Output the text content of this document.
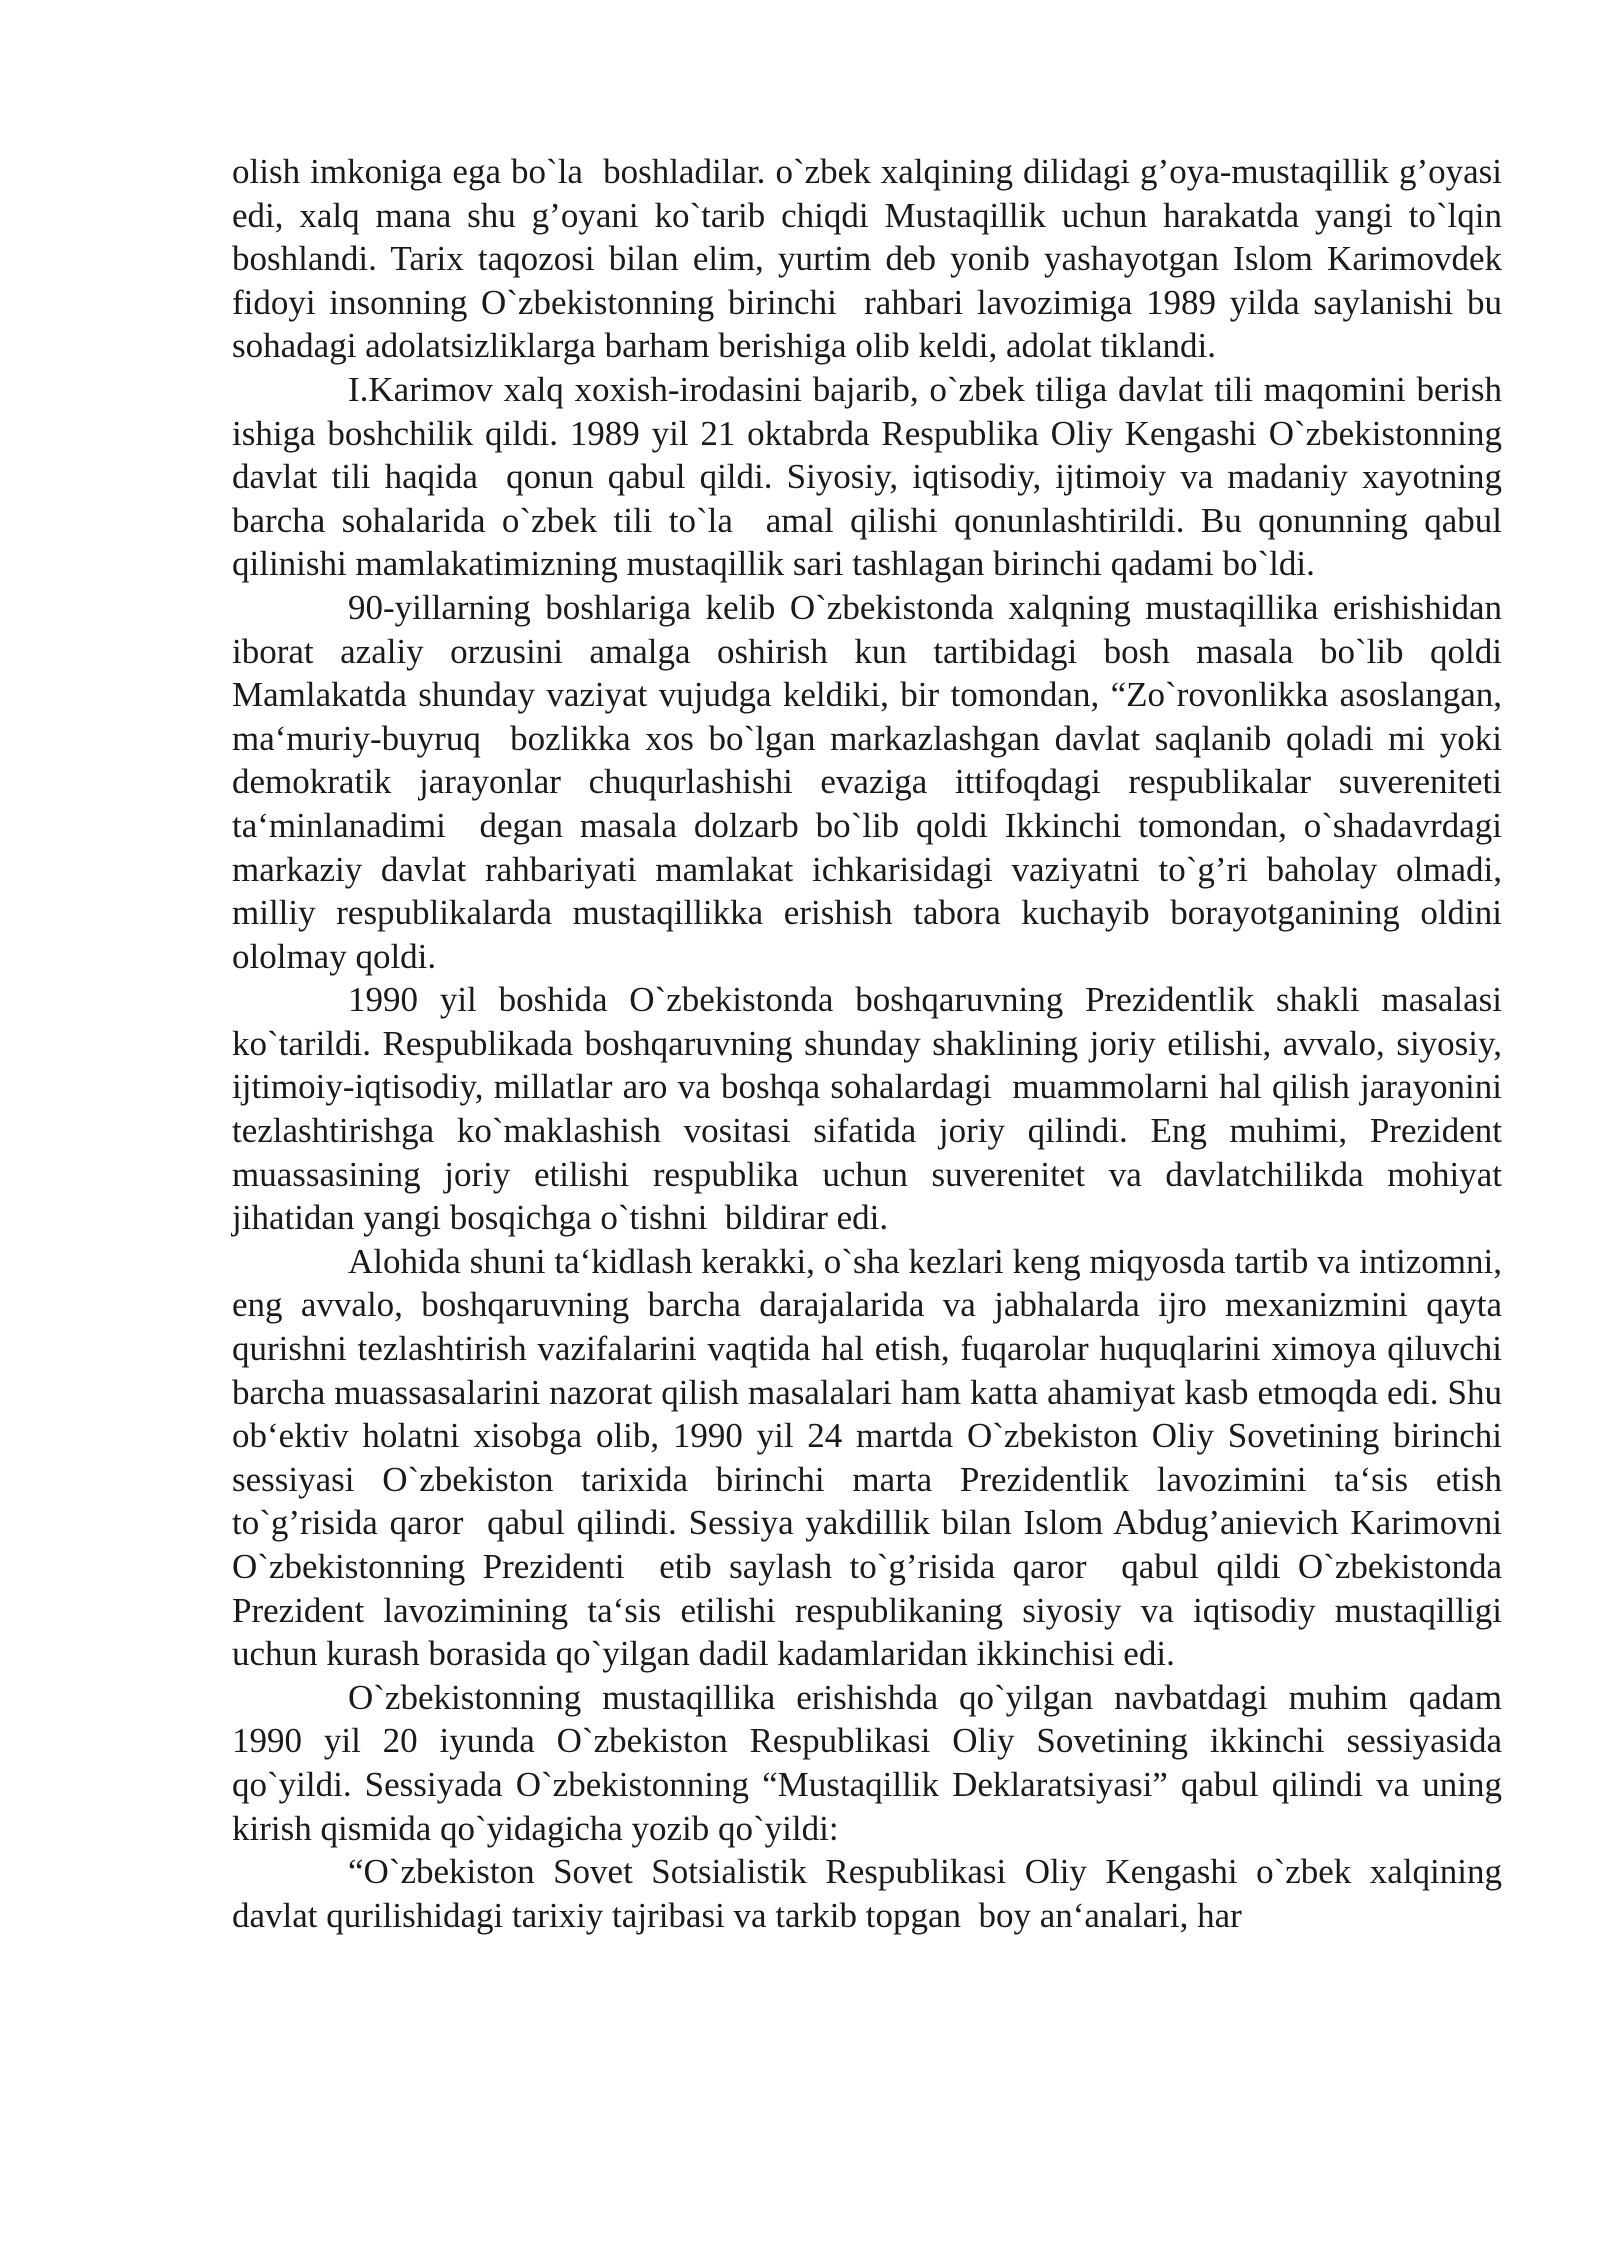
olish imkoniga ega bo`la  boshladilar. o`zbek xalqining dilidagi g’oya-mustaqillik g’oyasi edi, xalq mana shu g’oyani ko`tarib chiqdi Mustaqillik uchun harakatda yangi to`lqin boshlandi. Tarix taqozosi bilan elim, yurtim deb yonib yashayotgan Islom Karimovdek fidoyi insonning O`zbekistonning birinchi  rahbari lavozimiga 1989 yilda saylanishi bu sohadagi adolatsizliklarga barham berishiga olib keldi, adolat tiklandi.

I.Karimov xalq xoxish-irodasini bajarib, o`zbek tiliga davlat tili maqomini berish ishiga boshchilik qildi. 1989 yil 21 oktabrda Respublika Oliy Kengashi O`zbekistonning davlat tili haqida  qonun qabul qildi. Siyosiy, iqtisodiy, ijtimoiy va madaniy xayotning barcha sohalarida o`zbek tili to`la  amal qilishi qonunlashtirildi. Bu qonunning qabul qilinishi mamlakatimizning mustaqillik sari tashlagan birinchi qadami bo`ldi.

90-yillarning boshlariga kelib O`zbekistonda xalqning mustaqillika erishishidan  iborat azaliy orzusini amalga oshirish kun tartibidagi bosh masala bo`lib qoldi Mamlakatda shunday vaziyat vujudga keldiki, bir tomondan, “Zo`rovonlikka asoslangan, ma‘muriy-buyruq  bozlikka xos bo`lgan markazlashgan davlat saqlanib qoladi mi yoki demokratik jarayonlar chuqurlashishi evaziga ittifoqdagi respublikalar suvereniteti ta‘minlanadimi  degan masala dolzarb bo`lib qoldi Ikkinchi tomondan, o`shadavrdagi markaziy davlat rahbariyati mamlakat ichkarisidagi vaziyatni to`g’ri baholay olmadi, milliy respublikalarda mustaqillikka erishish tabora kuchayib borayotganining oldini ololmay qoldi.

1990 yil boshida O`zbekistonda boshqaruvning Prezidentlik shakli masalasi ko`tarildi. Respublikada boshqaruvning shunday shaklining joriy etilishi, avvalo, siyosiy, ijtimoiy-iqtisodiy, millatlar aro va boshqa sohalardagi  muammolarni hal qilish jarayonini tezlashtirishga ko`maklashish vositasi sifatida joriy qilindi. Eng muhimi, Prezident muassasining joriy etilishi respublika uchun suverenitet va davlatchilikda mohiyat jihatidan yangi bosqichga o`tishni  bildirar edi.

Alohida shuni ta‘kidlash kerakki, o`sha kezlari keng miqyosda tartib va intizomni, eng avvalo, boshqaruvning barcha darajalarida va jabhalarda ijro mexanizmini qayta  qurishni tezlashtirish vazifalarini vaqtida hal etish, fuqarolar huquqlarini ximoya qiluvchi barcha muassasalarini nazorat qilish masalalari ham katta ahamiyat kasb etmoqda edi. Shu ob‘ektiv holatni xisobga olib, 1990 yil 24 martda O`zbekiston Oliy Sovetining birinchi sessiyasi O`zbekiston tarixida birinchi marta Prezidentlik lavozimini ta‘sis etish to`g’risida qaror  qabul qilindi. Sessiya yakdillik bilan Islom Abdug’anievich Karimovni O`zbekistonning Prezidenti  etib saylash to`g’risida qaror  qabul qildi O`zbekistonda Prezident lavozimining ta‘sis etilishi respublikaning siyosiy va iqtisodiy mustaqilligi uchun kurash borasida qo`yilgan dadil kadamlaridan ikkinchisi edi.

O`zbekistonning mustaqillika erishishda qo`yilgan navbatdagi muhim qadam 1990 yil 20 iyunda O`zbekiston Respublikasi Oliy Sovetining ikkinchi sessiyasida qo`yildi. Sessiyada O`zbekistonning “Mustaqillik Deklaratsiyasi” qabul qilindi va uning kirish qismida qo`yidagicha yozib qo`yildi:

“O`zbekiston Sovet Sotsialistik Respublikasi Oliy Kengashi o`zbek xalqining davlat qurilishidagi tarixiy tajribasi va tarkib topgan  boy an‘analari, har
